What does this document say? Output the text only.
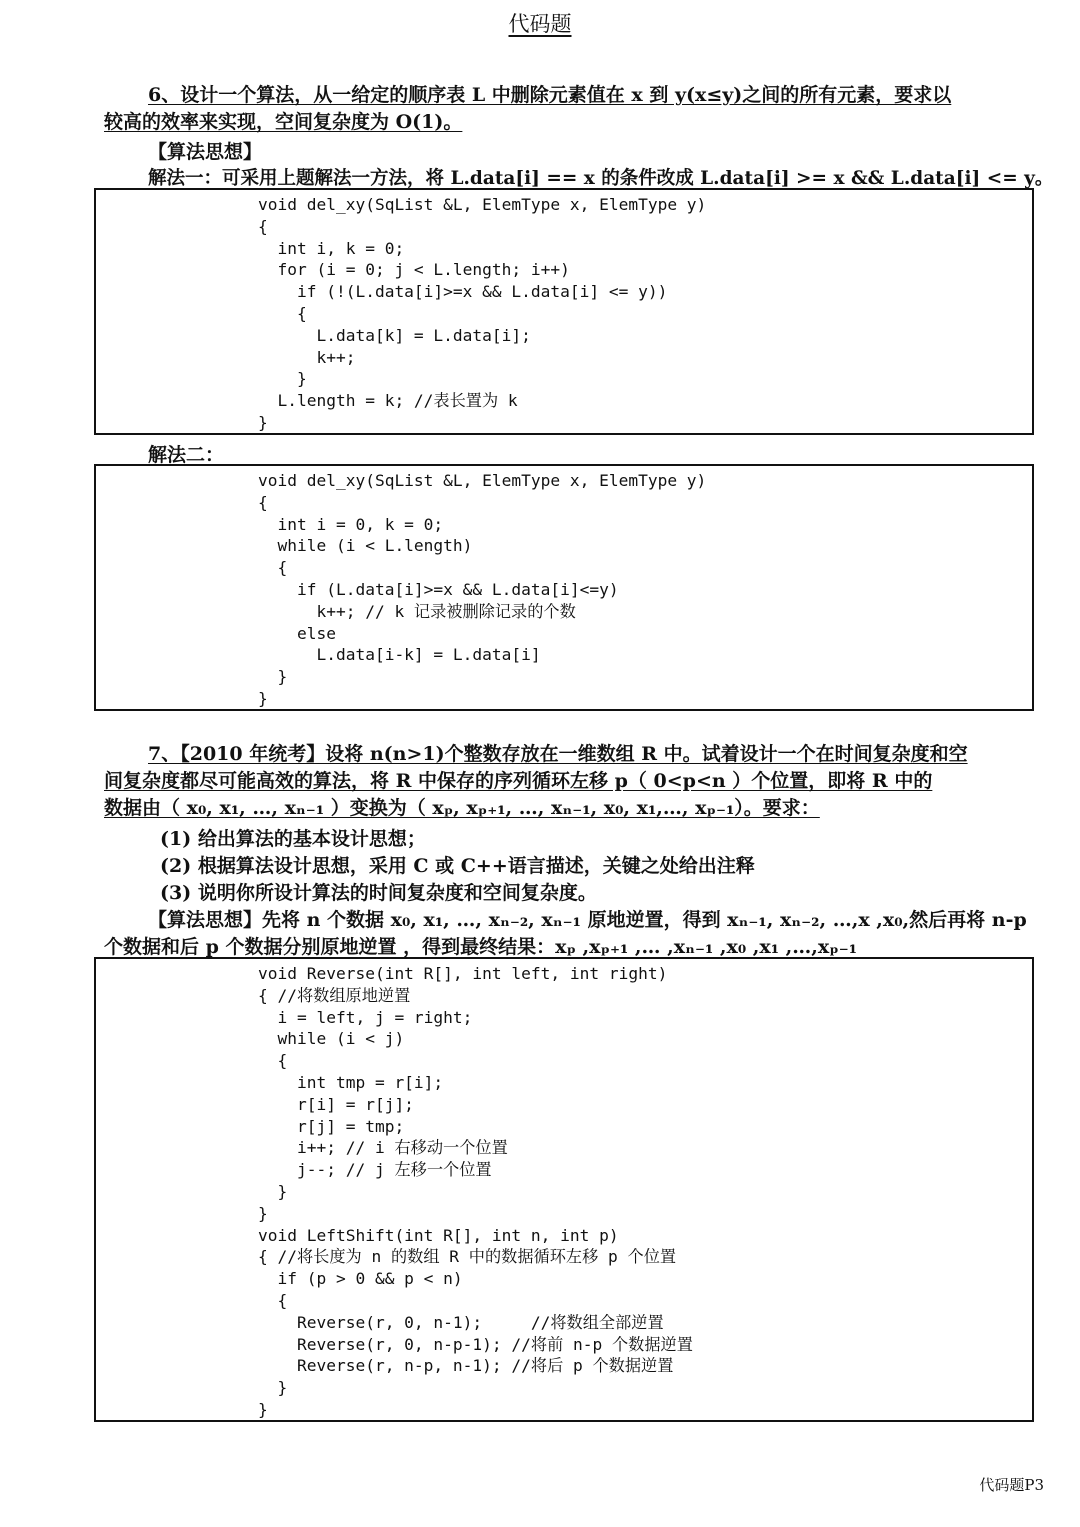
代码题
6、设计一个算法，从一给定的顺序表 L 中删除元素值在 x 到 y(x≤y)之间的所有元素，要求以
较高的效率来实现，空间复杂度为 O(1)。
【算法思想】
解法一：可采用上题解法一方法，将 L.data[i] == x 的条件改成 L.data[i] >= x && L.data[i] <= y。
void del_xy(SqList &L, ElemType x, ElemType y)
{
int i, k = 0;
for (i = 0; j < L.length; i++)
if (!(L.data[i]>=x && L.data[i] <= y))
{
L.data[k] = L.data[i];
k++;
}
L.length = k; //表长置为 k
}
解法二：
void del_xy(SqList &L, ElemType x, ElemType y)
{
int i = 0, k = 0;
while (i < L.length)
{
if (L.data[i]>=x && L.data[i]<=y)
k++; // k 记录被删除记录的个数
else
L.data[i-k] = L.data[i]
}
}
7、【2010 年统考】设将 n(n>1)个整数存放在一维数组 R 中。试着设计一个在时间复杂度和空
间复杂度都尽可能高效的算法，将 R 中保存的序列循环左移 p（ 0<p<n ）个位置，即将 R 中的
数据由（ x₀, x₁, …, xₙ₋₁ ）变换为（ xₚ, xₚ₊₁, …, xₙ₋₁, x₀, x₁,…, xₚ₋₁）。要求：
(1) 给出算法的基本设计思想；
(2) 根据算法设计思想，采用 C 或 C++语言描述，关键之处给出注释
(3) 说明你所设计算法的时间复杂度和空间复杂度。
【算法思想】先将 n 个数据 x₀, x₁, …, xₙ₋₂, xₙ₋₁ 原地逆置，得到 xₙ₋₁, xₙ₋₂, …,x ,x₀,然后再将 n-p
个数据和后 p 个数据分别原地逆置 ，得到最终结果：xₚ ,xₚ₊₁ ,… ,xₙ₋₁ ,x₀ ,x₁ ,…,xₚ₋₁
void Reverse(int R[], int left, int right)
{ //将数组原地逆置
i = left, j = right;
while (i < j)
{
int tmp = r[i];
r[i] = r[j];
r[j] = tmp;
i++; // i 右移动一个位置
j--; // j 左移一个位置
}
}
void LeftShift(int R[], int n, int p)
{ //将长度为 n 的数组 R 中的数据循环左移 p 个位置
if (p > 0 && p < n)
{
Reverse(r, 0, n-1);     //将数组全部逆置
Reverse(r, 0, n-p-1); //将前 n-p 个数据逆置
Reverse(r, n-p, n-1); //将后 p 个数据逆置
}
}
代码题P3
